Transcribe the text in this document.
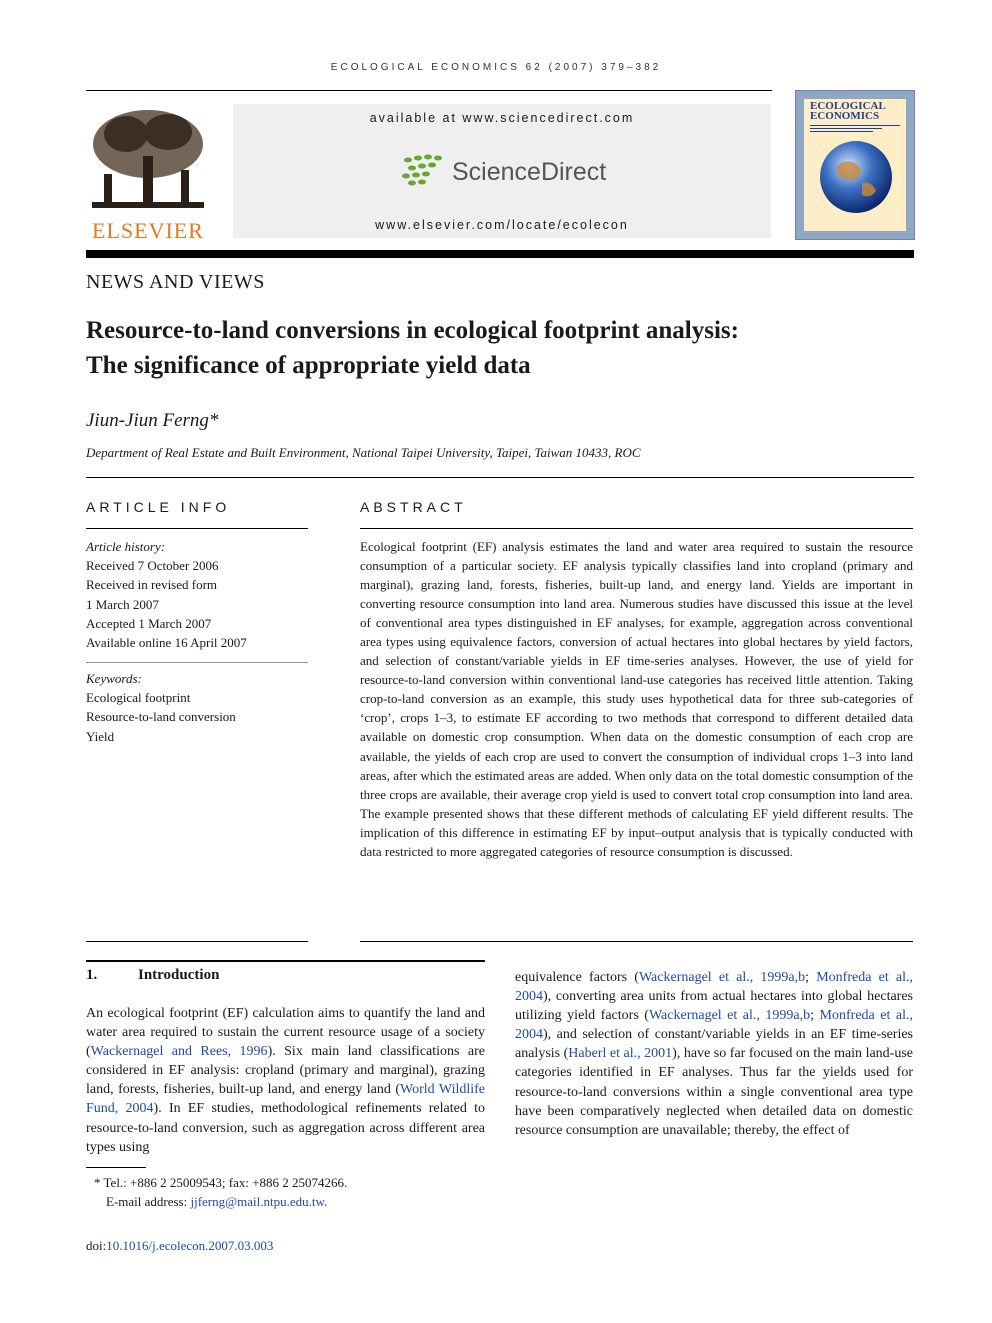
ECOLOGICAL ECONOMICS 62 (2007) 379–382
ELSEVIER
available at www.sciencedirect.com
ScienceDirect
www.elsevier.com/locate/ecolecon
ECOLOGICAL
ECONOMICS
NEWS AND VIEWS
Resource-to-land conversions in ecological footprint analysis:
The significance of appropriate yield data
Jiun-Jiun Ferng*
Department of Real Estate and Built Environment, National Taipei University, Taipei, Taiwan 10433, ROC
ARTICLE INFO	ABSTRACT
Article history:
Received 7 October 2006
Received in revised form
1 March 2007
Accepted 1 March 2007
Available online 16 April 2007
Keywords:
Ecological footprint
Resource-to-land conversion
Yield
Ecological footprint (EF) analysis estimates the land and water area required to sustain the resource consumption of a particular society. EF analysis typically classifies land into cropland (primary and marginal), grazing land, forests, fisheries, built-up land, and energy land. Yields are important in converting resource consumption into land area. Numerous studies have discussed this issue at the level of conventional area types distinguished in EF analyses, for example, aggregation across conventional area types using equivalence factors, conversion of actual hectares into global hectares by yield factors, and selection of constant/variable yields in EF time-series analyses. However, the use of yield for resource-to-land conversion within conventional land-use categories has received little attention. Taking crop-to-land conversion as an example, this study uses hypothetical data for three sub-categories of ‘crop’, crops 1–3, to estimate EF according to two methods that correspond to different detailed data available on domestic crop consumption. When data on the domestic consumption of each crop are available, the yields of each crop are used to convert the consumption of individual crops 1–3 into land areas, after which the estimated areas are added. When only data on the total domestic consumption of the three crops are available, their average crop yield is used to convert total crop consumption into land area. The example presented shows that these different methods of calculating EF yield different results. The implication of this difference in estimating EF by input–output analysis that is typically conducted with data restricted to more aggregated categories of resource consumption is discussed.
1.	Introduction
An ecological footprint (EF) calculation aims to quantify the land and water area required to sustain the current resource usage of a society (Wackernagel and Rees, 1996). Six main land classifications are considered in EF analysis: cropland (primary and marginal), grazing land, forests, fisheries, built-up land, and energy land (World Wildlife Fund, 2004). In EF studies, methodological refinements related to resource-to-land conversion, such as aggregation across different area types using
equivalence factors (Wackernagel et al., 1999a,b; Monfreda et al., 2004), converting area units from actual hectares into global hectares utilizing yield factors (Wackernagel et al., 1999a,b; Monfreda et al., 2004), and selection of constant/variable yields in an EF time-series analysis (Haberl et al., 2001), have so far focused on the main land-use categories identified in EF analyses. Thus far the yields used for resource-to-land conversions within a single conventional area type have been comparatively neglected when detailed data on domestic resource consumption are unavailable; thereby, the effect of
* Tel.: +886 2 25009543; fax: +886 2 25074266.
E-mail address: jjferng@mail.ntpu.edu.tw.
doi:10.1016/j.ecolecon.2007.03.003
